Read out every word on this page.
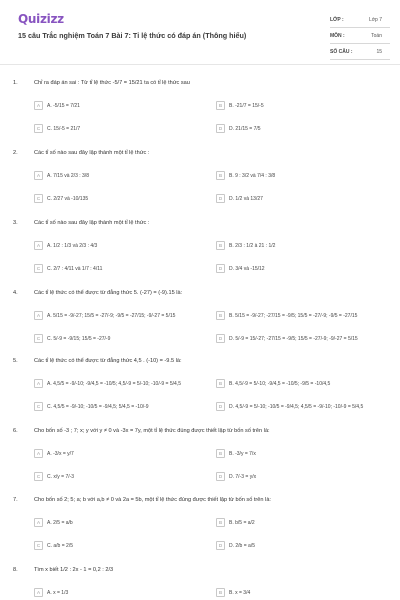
Quizizz
15 câu Trắc nghiệm Toán 7 Bài 7: Tỉ lệ thức có đáp án (Thông hiểu)
LỚP :	Lớp 7
MÔN :	Toán
SỐ CÂU :	15
1.	Chỉ ra đáp án sai : Từ tỉ lệ thức -5/7 = 15/21 ta có tỉ lệ thức sau
A	A. -5/15 = 7/21	B	B. -21/7 = 15/-5
C	C. 15/-5 = 21/7	D	D. 21/15 = 7/5
2.	Các tỉ số nào sau đây lập thành một tỉ lệ thức :
A	A. 7/15 và 2/3 : 3/8	B	B. 9 : 3/2 và 7/4 : 3/8
C	C. 2/27 và -10/135	D	D. 1/2 và 13/27
3.	Các tỉ số nào sau đây lập thành một tỉ lệ thức :
A	A. 1/2 : 1/3 và 2/3 : 4/3	B	B. 2/3 : 1/2 à 21 : 1/2
C	C. 2/7 : 4/11 và 1/7 : 4/11	D	D. 3/4 và -15/12
4.	Các tỉ lệ thức có thể được từ đẳng thức 5. (-27) = (-9).15 là:
A	A. 5/15 = -9/-27; 15/5 = -27/-9; -9/5 = -27/15; -9/-27 = 5/15	B	B. 5/15 = -9/-27; -27/15 = -9/5; 15/5 = -27/-9; -9/5 = -27/15
C	C. 5/-9 = -9/15; 15/5 = -27/-9	D	D. 5/-9 = 15/-27; -27/15 = -9/5; 15/5 = -27/-9; -9/-27 = 5/15
5.	Các tỉ lệ thức có thể được từ đẳng thức 4,5 . (-10) = -9.5 là:
A	A. 4,5/5 = -9/-10; -9/4,5 = -10/5; 4,5/-9 = 5/-10; -10/-9 = 5/4,5	B	B. 4,5/-9 = 5/-10; -9/4,5 = -10/5; -9/5 = -10/4,5
C	C. 4,5/5 = -9/-10; -10/5 = -9/4,5; 5/4,5 = -10/-9	D	D. 4,5/-9 = 5/-10; -10/5 = -9/4,5; 4,5/5 = -9/-10; -10/-9 = 5/4,5
6.	Cho bốn số -3 ; 7; x; y với y ≠ 0 và -3x = 7y, một tỉ lệ thức đúng được thiết lập từ bốn số trên là:
A	A. -3/x = y/7	B	B. -3/y = 7/x
C	C. x/y = 7/-3	D	D. 7/-3 = y/x
7.	Cho bốn số 2; 5; a; b với a,b ≠ 0 và 2a = 5b, một tỉ lệ thức đúng được thiết lập từ bốn số trên là:
A	A. 2/5 = a/b	B	B. b/5 = a/2
C	C. a/b = 2/5	D	D. 2/b = a/5
8.	Tìm x biết 1/2 : 2x - 1 = 0,2 : 2/3
A	A. x = 1/3	B	B. x = 3/4
